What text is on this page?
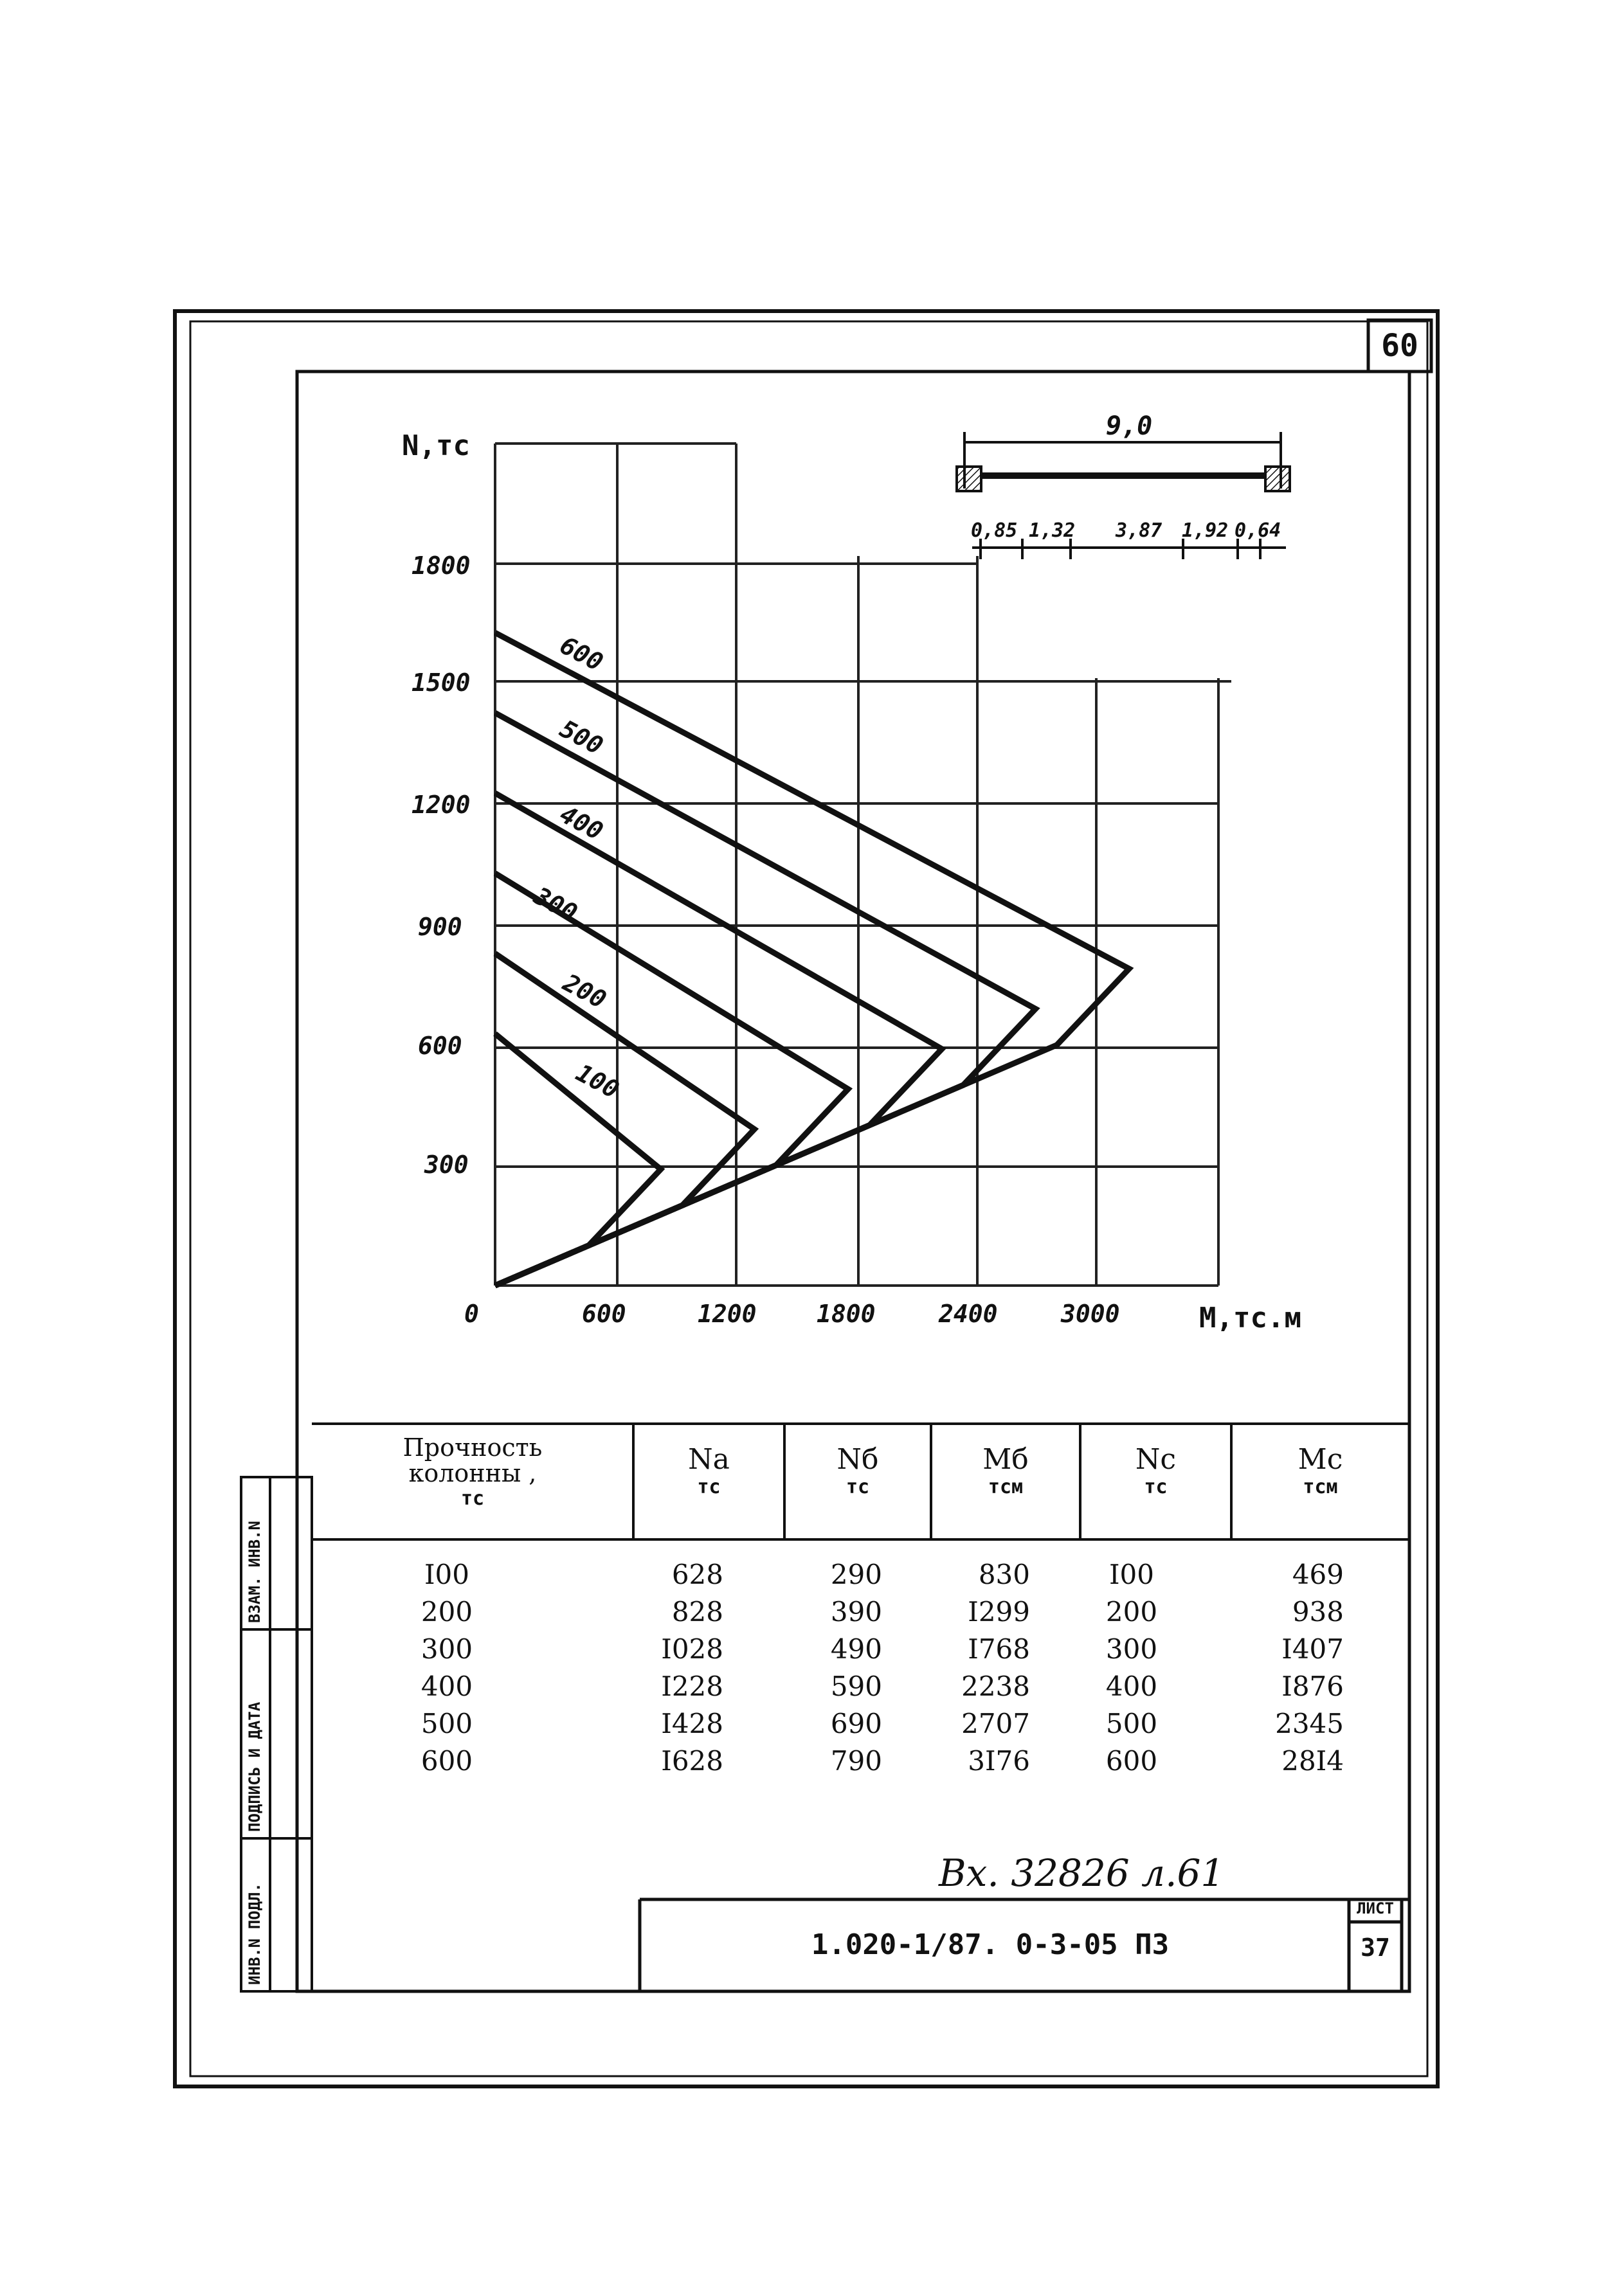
60
N,тс
M,тс.м
300
600
900
1200
1500
1800
0	600	1200 1800	2400	3000
600
500
400
300
200
100
9,0
0,85 1,32 3,87 1,92 0,64
Прочность колонны ,
тс
Nа
тс
Nб
тс
Mб
тсм
Nс
тс
Mс
тсм
I00	628	290	830	I00	469
200	828	390	I299	200	938
300	I028	490	I768	300	I407
400	I228	590	2238	400	I876
500	I428	690	2707	500	2345
600	I628	790	3I76	600	28I4
ИНВ.N ПОДЛ.
ПОДПИСЬ И ДАТА
ВЗАМ. ИНВ.N
Вх. 32826 л.61
1.020-1/87. 0-3-05 ПЗ
ЛИСТ
37
